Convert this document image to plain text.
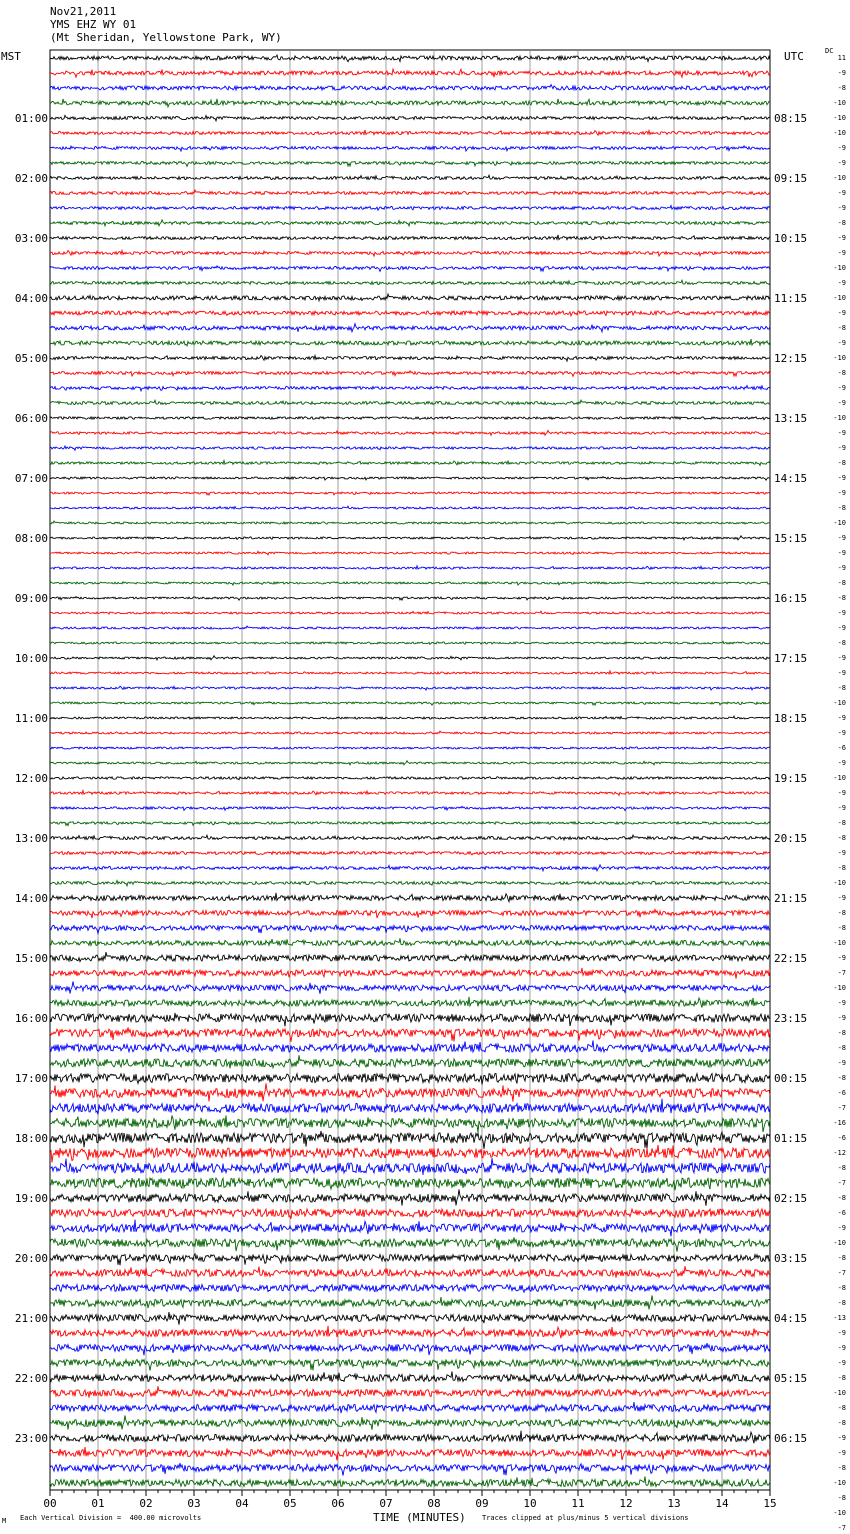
Nov21,2011
YMS EHZ WY 01
(Mt Sheridan, Yellowstone Park, WY)
MST	UTC	DC
00	01	02	03	04	05	06	07	08	09	10	11	12	13	14	15
01:00
02:00
03:00
04:00
05:00
06:00
07:00
08:00
09:00
10:00
11:00
12:00
13:00
14:00
15:00
16:00
17:00
18:00
19:00
20:00
21:00
22:00
23:00
08:15
09:15
10:15
11:15
12:15
13:15
14:15
15:15
16:15
17:15
18:15
19:15
20:15
21:15
22:15
23:15
00:15
01:15
02:15
03:15
04:15
05:15
06:15
11
-9
-8
-10
-10
-10
-9
-9
-10
-9
-9
-8
-9
-9
-10
-9
-10
-9
-8
-9
-10
-8
-9
-9
-10
-9
-9
-8
-9
-9
-8
-10
-9
-9
-9
-8
-8
-9
-9
-8
-9
-9
-8
-10
-9
-9
-6
-9
-10
-9
-9
-8
-8
-9
-8
-10
-9
-8
-8
-10
-9
-7
-10
-9
-9
-8
-8
-9
-8
-6
-7
-16
-6
-12
-8
-7
-8
-6
-9
-10
-8
-7
-8
-8
-13
-9
-9
-9
-8
-10
-8
-8
-9
-9
-8
-10
-8
-10
-7
M Each Vertical Division =  400.00 microvolts	TIME (MINUTES) Traces clipped at plus/minus 5 vertical divisions
